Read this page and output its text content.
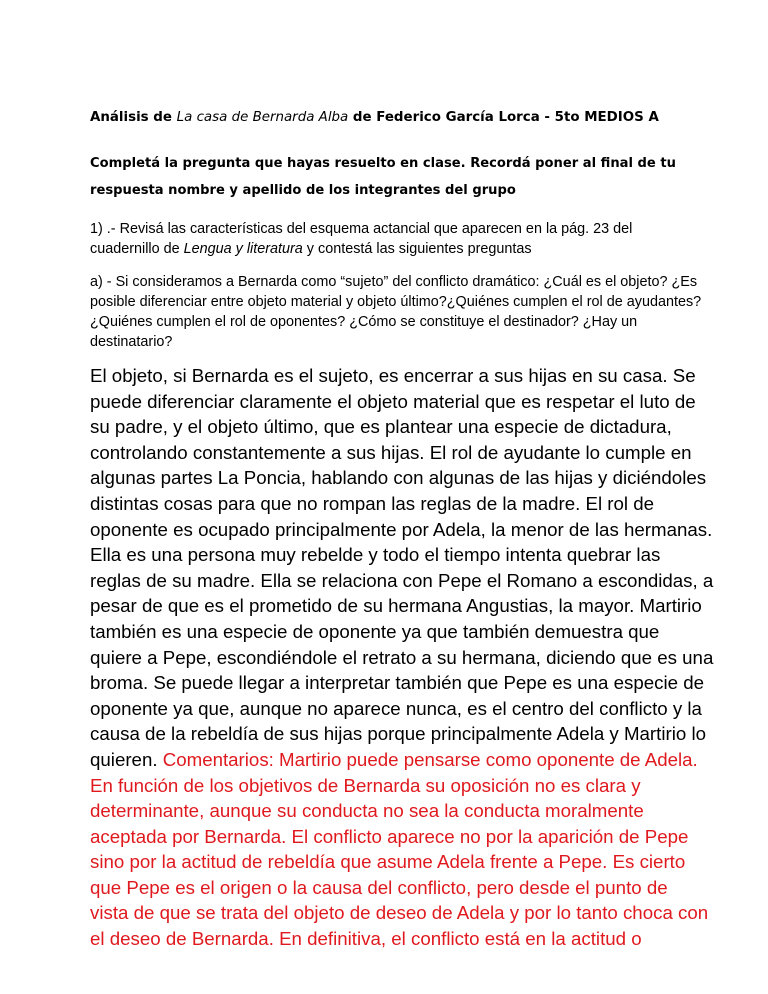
Análisis de La casa de Bernarda Alba de Federico García Lorca - 5to MEDIOS A
Completá la pregunta que hayas resuelto en clase. Recordá poner al final de tu
respuesta nombre y apellido de los integrantes del grupo
1) .- Revisá las características del esquema actancial que aparecen en la pág. 23 del
cuadernillo de Lengua y literatura y contestá las siguientes preguntas
a) - Si consideramos a Bernarda como “sujeto” del conflicto dramático: ¿Cuál es el objeto? ¿Es
posible diferenciar entre objeto material y objeto último?¿Quiénes cumplen el rol de ayudantes?
¿Quiénes cumplen el rol de oponentes? ¿Cómo se constituye el destinador? ¿Hay un
destinatario?
El objeto, si Bernarda es el sujeto, es encerrar a sus hijas en su casa. Se
puede diferenciar claramente el objeto material que es respetar el luto de
su padre, y el objeto último, que es plantear una especie de dictadura,
controlando constantemente a sus hijas. El rol de ayudante lo cumple en
algunas partes La Poncia, hablando con algunas de las hijas y diciéndoles
distintas cosas para que no rompan las reglas de la madre. El rol de
oponente es ocupado principalmente por Adela, la menor de las hermanas.
Ella es una persona muy rebelde y todo el tiempo intenta quebrar las
reglas de su madre. Ella se relaciona con Pepe el Romano a escondidas, a
pesar de que es el prometido de su hermana Angustias, la mayor. Martirio
también es una especie de oponente ya que también demuestra que
quiere a Pepe, escondiéndole el retrato a su hermana, diciendo que es una
broma. Se puede llegar a interpretar también que Pepe es una especie de
oponente ya que, aunque no aparece nunca, es el centro del conflicto y la
causa de la rebeldía de sus hijas porque principalmente Adela y Martirio lo
quieren. Comentarios: Martirio puede pensarse como oponente de Adela.
En función de los objetivos de Bernarda su oposición no es clara y
determinante, aunque su conducta no sea la conducta moralmente
aceptada por Bernarda. El conflicto aparece no por la aparición de Pepe
sino por la actitud de rebeldía que asume Adela frente a Pepe. Es cierto
que Pepe es el origen o la causa del conflicto, pero desde el punto de
vista de que se trata del objeto de deseo de Adela y por lo tanto choca con
el deseo de Bernarda. En definitiva, el conflicto está en la actitud o
